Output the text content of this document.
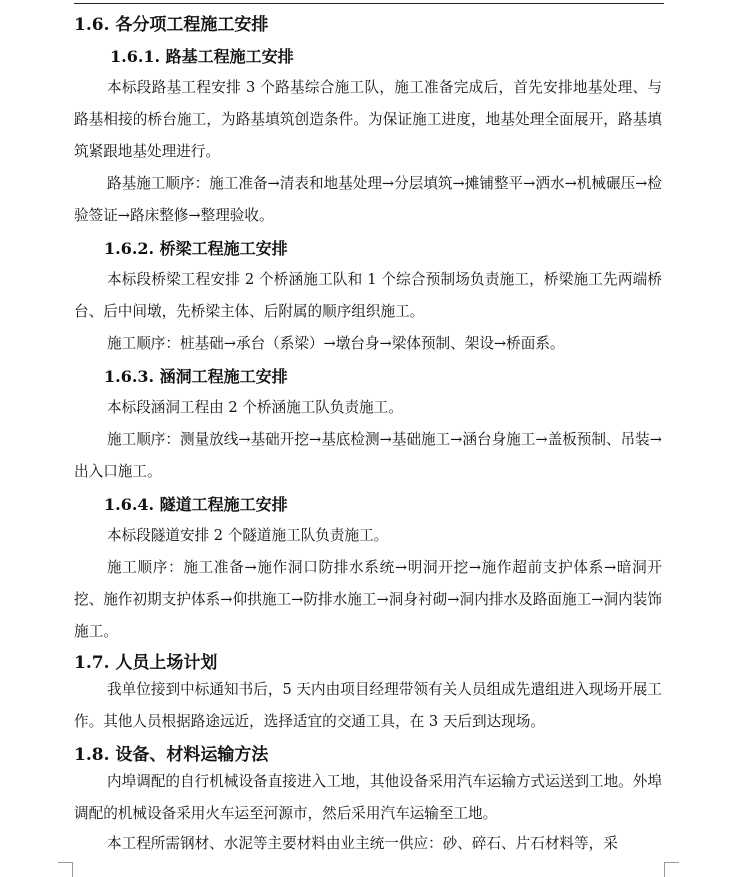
1.6. 各分项工程施工安排
1.6.1. 路基工程施工安排
本标段路基工程安排 3 个路基综合施工队，施工准备完成后，首先安排地基处理、与路基相接的桥台施工，为路基填筑创造条件。为保证施工进度，地基处理全面展开，路基填筑紧跟地基处理进行。
路基施工顺序：施工准备→清表和地基处理→分层填筑→摊铺整平→洒水→机械碾压→检验签证→路床整修→整理验收。
1.6.2. 桥梁工程施工安排
本标段桥梁工程安排 2 个桥涵施工队和 1 个综合预制场负责施工，桥梁施工先两端桥台、后中间墩，先桥梁主体、后附属的顺序组织施工。
施工顺序：桩基础→承台（系梁）→墩台身→梁体预制、架设→桥面系。
1.6.3. 涵洞工程施工安排
本标段涵洞工程由 2 个桥涵施工队负责施工。
施工顺序：测量放线→基础开挖→基底检测→基础施工→涵台身施工→盖板预制、吊装→出入口施工。
1.6.4. 隧道工程施工安排
本标段隧道安排 2 个隧道施工队负责施工。
施工顺序：施工准备→施作洞口防排水系统→明洞开挖→施作超前支护体系→暗洞开挖、施作初期支护体系→仰拱施工→防排水施工→洞身衬砌→洞内排水及路面施工→洞内装饰施工。
1.7. 人员上场计划
我单位接到中标通知书后，5 天内由项目经理带领有关人员组成先遣组进入现场开展工作。其他人员根据路途远近，选择适宜的交通工具，在 3 天后到达现场。
1.8. 设备、材料运输方法
内埠调配的自行机械设备直接进入工地，其他设备采用汽车运输方式运送到工地。外埠调配的机械设备采用火车运至河源市，然后采用汽车运输至工地。
本工程所需钢材、水泥等主要材料由业主统一供应：砂、碎石、片石材料等，采
